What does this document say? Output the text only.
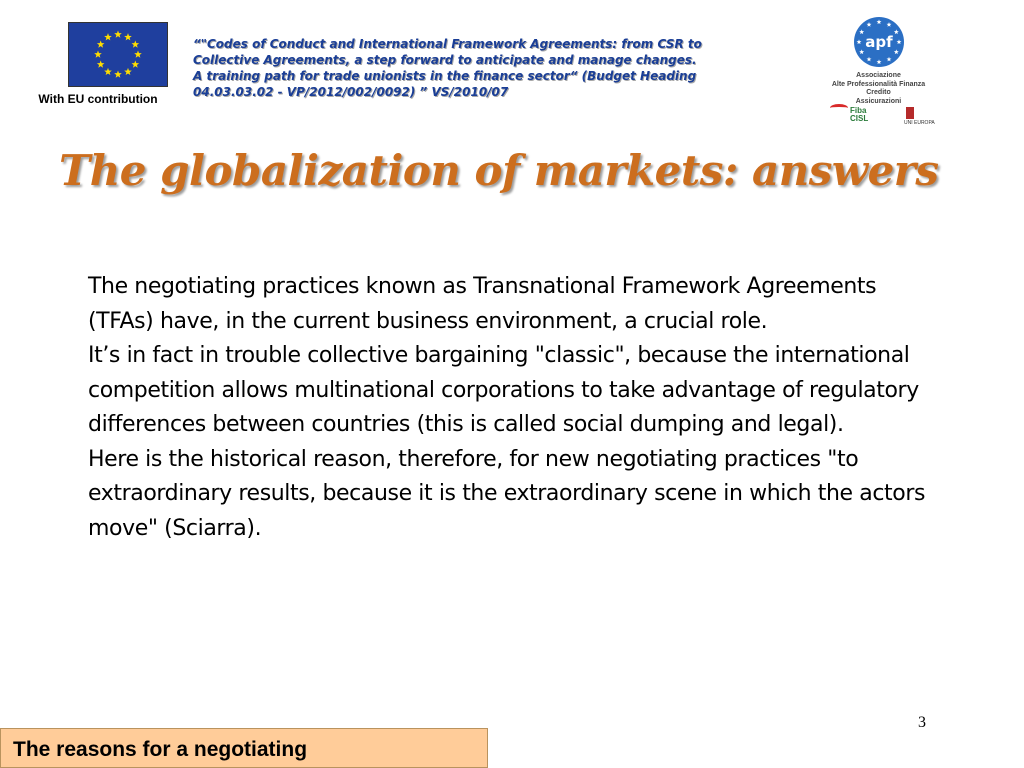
With EU contribution
“"Codes of Conduct and International Framework Agreements: from CSR to
Collective Agreements, a step forward to anticipate and manage changes.
A training path for trade unionists in the finance sector“ (Budget Heading
04.03.03.02 - VP/2012/002/0092) ” VS/2010/07
apf
Associazione
Alte Professionalità Finanza
Credito
Assicurazioni
Fiba
CISL	UNI EUROPA
The globalization of markets: answers

The negotiating practices known as Transnational Framework Agreements (TFAs) have, in the current business environment, a crucial role.

It’s in fact in trouble collective bargaining "classic", because the international competition allows multinational corporations to take advantage of regulatory differences between countries (this is called social dumping and legal).

Here is the historical reason, therefore, for new negotiating practices "to extraordinary results, because it is the extraordinary scene in which the actors move" (Sciarra).

3
The reasons for a negotiating
